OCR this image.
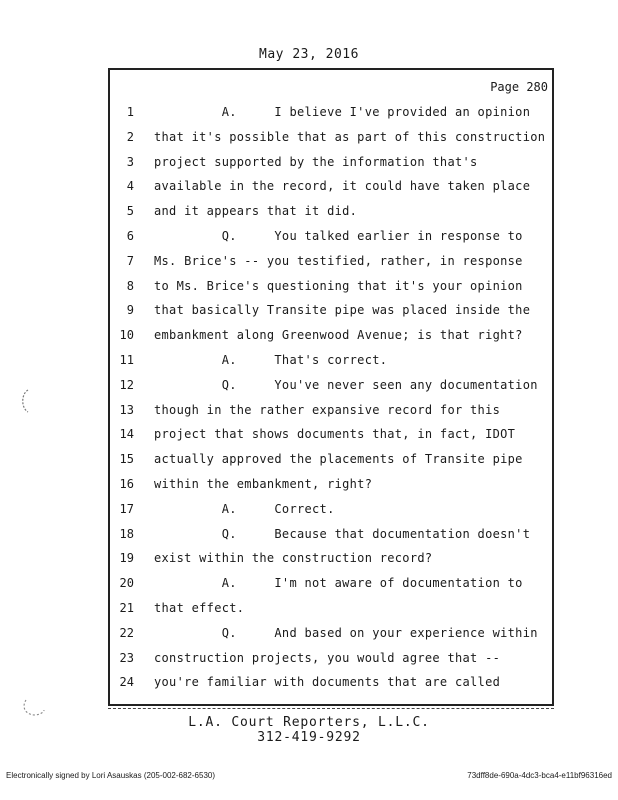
May 23, 2016
Page 280
1 A.     I believe I've provided an opinion
2 that it's possible that as part of this construction
3 project supported by the information that's
4 available in the record, it could have taken place
5 and it appears that it did.
6 Q.     You talked earlier in response to
7 Ms. Brice's -- you testified, rather, in response
8 to Ms. Brice's questioning that it's your opinion
9 that basically Transite pipe was placed inside the
10 embankment along Greenwood Avenue; is that right?
11 A.     That's correct.
12 Q.     You've never seen any documentation
13 though in the rather expansive record for this
14 project that shows documents that, in fact, IDOT
15 actually approved the placements of Transite pipe
16 within the embankment, right?
17 A.     Correct.
18 Q.     Because that documentation doesn't
19 exist within the construction record?
20 A.     I'm not aware of documentation to
21 that effect.
22 Q.     And based on your experience within
23 construction projects, you would agree that --
24 you're familiar with documents that are called
L.A. Court Reporters, L.L.C.
312-419-9292
Electronically signed by Lori Asauskas (205-002-682-6530)	73dff8de-690a-4dc3-bca4-e11bf96316ed
